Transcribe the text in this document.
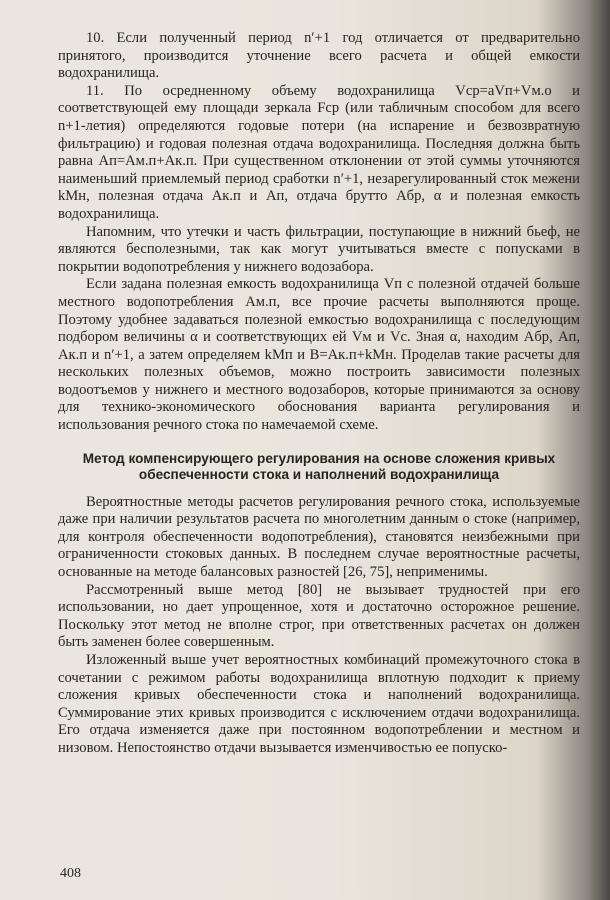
10. Если полученный период n′+1 год отличается от предварительно принятого, производится уточнение всего расчета и общей емкости водохранилища.

11. По осредненному объему водохранилища Vср=aVп+Vм.о и соответствующей ему площади зеркала Fср (или табличным способом для всего n+1-летия) определяются годовые потери (на испарение и безвозвратную фильтрацию) и годовая полезная отдача водохранилища. Последняя должна быть равна Aп=Aм.п+Aк.п. При существенном отклонении от этой суммы уточняются наименьший приемлемый период сработки n′+1, незарегулированный сток межени kMн, полезная отдача Aк.п и Aп, отдача брутто Aбр, α и полезная емкость водохранилища.

Напомним, что утечки и часть фильтрации, поступающие в нижний бьеф, не являются бесполезными, так как могут учитываться вместе с попусками в покрытии водопотребления у нижнего водозабора.

Если задана полезная емкость водохранилища Vп с полезной отдачей больше местного водопотребления Aм.п, все прочие расчеты выполняются проще. Поэтому удобнее задаваться полезной емкостью водохранилища с последующим подбором величины α и соответствующих ей Vм и Vс. Зная α, находим Aбр, Aп, Aк.п и n′+1, а затем определяем kMп и B=Aк.п+kMн. Проделав такие расчеты для нескольких полезных объемов, можно построить зависимости полезных водоотъемов у нижнего и местного водозаборов, которые принимаются за основу для технико-экономического обоснования варианта регулирования и использования речного стока по намечаемой схеме.

Метод компенсирующего регулирования на основе сложения кривых обеспеченности стока и наполнений водохранилища

Вероятностные методы расчетов регулирования речного стока, используемые даже при наличии результатов расчета по многолетним данным о стоке (например, для контроля обеспеченности водопотребления), становятся неизбежными при ограниченности стоковых данных. В последнем случае вероятностные расчеты, основанные на методе балансовых разностей [26, 75], неприменимы.

Рассмотренный выше метод [80] не вызывает трудностей при его использовании, но дает упрощенное, хотя и достаточно осторожное решение. Поскольку этот метод не вполне строг, при ответственных расчетах он должен быть заменен более совершенным.

Изложенный выше учет вероятностных комбинаций промежуточного стока в сочетании с режимом работы водохранилища вплотную подходит к приему сложения кривых обеспеченности стока и наполнений водохранилища. Суммирование этих кривых производится с исключением отдачи водохранилища. Его отдача изменяется даже при постоянном водопотреблении и местном и низовом. Непостоянство отдачи вызывается изменчивостью ее попуско-

408
